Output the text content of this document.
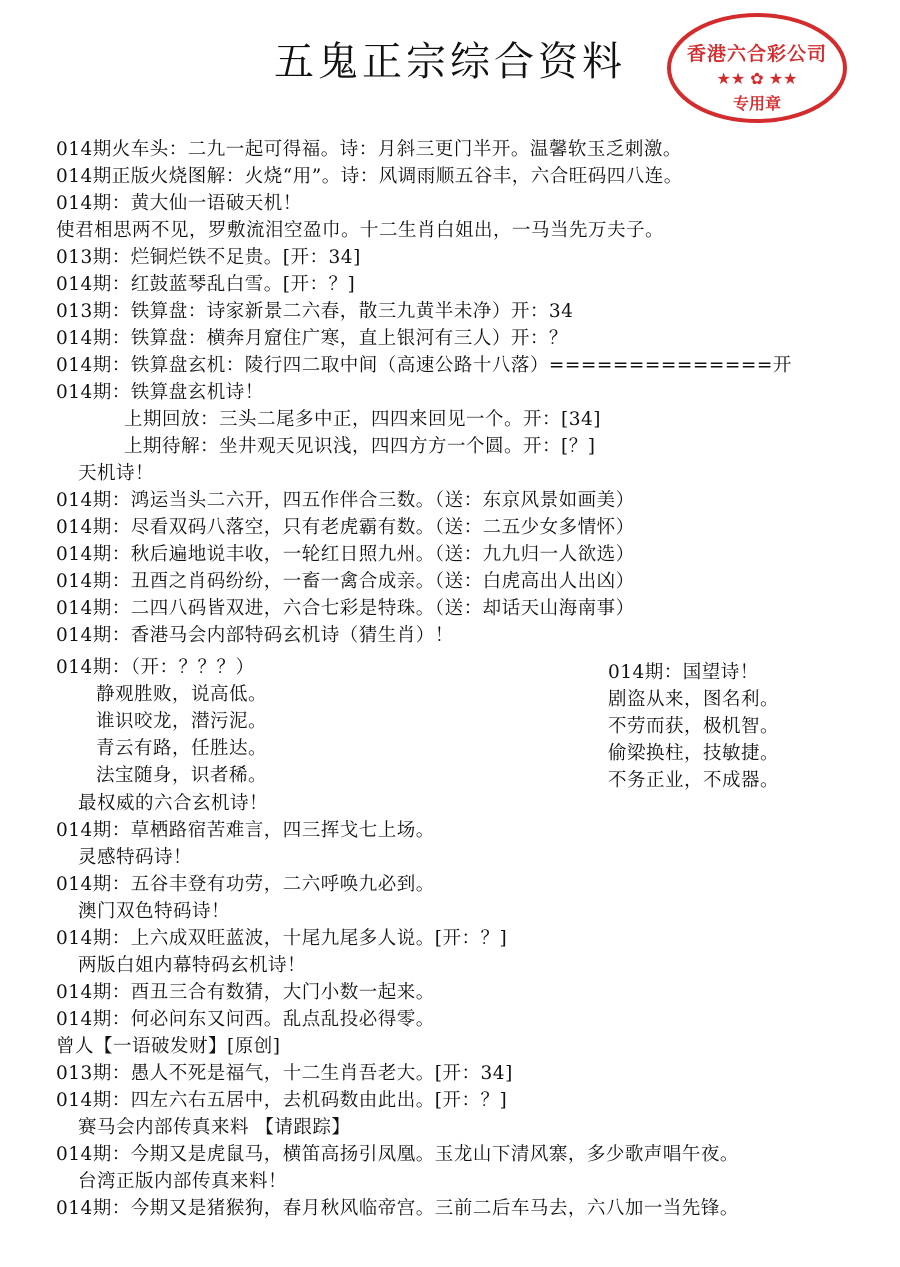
五鬼正宗综合资料	香港六合彩公司
★★ ✿ ★★
专用章
014期火车头：二九一起可得福。诗：月斜三更门半开。温馨软玉乏刺激。
014期正版火烧图解：火烧“用”。诗：风调雨顺五谷丰，六合旺码四八连。
014期：黄大仙一语破天机！
使君相思两不见，罗敷流泪空盈巾。十二生肖白姐出，一马当先万夫子。
013期：烂铜烂铁不足贵。[开：34]
014期：红鼓蓝琴乱白雪。[开：？]
013期：铁算盘：诗家新景二六春，散三九黄半未净）开：34
014期：铁算盘：横奔月窟住广寒，直上银河有三人）开：？
014期：铁算盘玄机：陵行四二取中间（高速公路十八落）==============开
014期：铁算盘玄机诗！
上期回放：三头二尾多中正，四四来回见一个。开：[34]
上期待解：坐井观天见识浅，四四方方一个圆。开：[？]
天机诗！
014期：鸿运当头二六开，四五作伴合三数。（送：东京风景如画美）
014期：尽看双码八落空，只有老虎霸有数。（送：二五少女多情怀）
014期：秋后遍地说丰收，一轮红日照九州。（送：九九归一人欲选）
014期：丑酉之肖码纷纷，一畜一禽合成亲。（送：白虎高出人出凶）
014期：二四八码皆双进，六合七彩是特珠。（送：却话天山海南事）
014期：香港马会内部特码玄机诗（猜生肖）！
014期：（开：？？？）
静观胜败，说高低。
谁识咬龙，潜污泥。
青云有路，任胜达。
法宝随身，识者稀。
最权威的六合玄机诗！
014期：草栖路宿苦难言，四三挥戈七上场。
灵感特码诗！
014期：五谷丰登有功劳，二六呼唤九必到。
澳门双色特码诗！
014期：上六成双旺蓝波，十尾九尾多人说。[开：？]
两版白姐内幕特码玄机诗！
014期：酉丑三合有数猜，大门小数一起来。
014期：何必问东又问西。乱点乱投必得零。
曾人【一语破发财】[原创]
013期：愚人不死是福气，十二生肖吾老大。[开：34]
014期：四左六右五居中，去机码数由此出。[开：？]
赛马会内部传真来料 【请跟踪】
014期：今期又是虎鼠马，横笛高扬引凤凰。玉龙山下清风寨，多少歌声唱午夜。
台湾正版内部传真来料！
014期：今期又是猪猴狗，春月秋风临帝宫。三前二后车马去，六八加一当先锋。
014期：国望诗！
剧盗从来，图名利。
不劳而获，极机智。
偷梁换柱，技敏捷。
不务正业，不成器。
